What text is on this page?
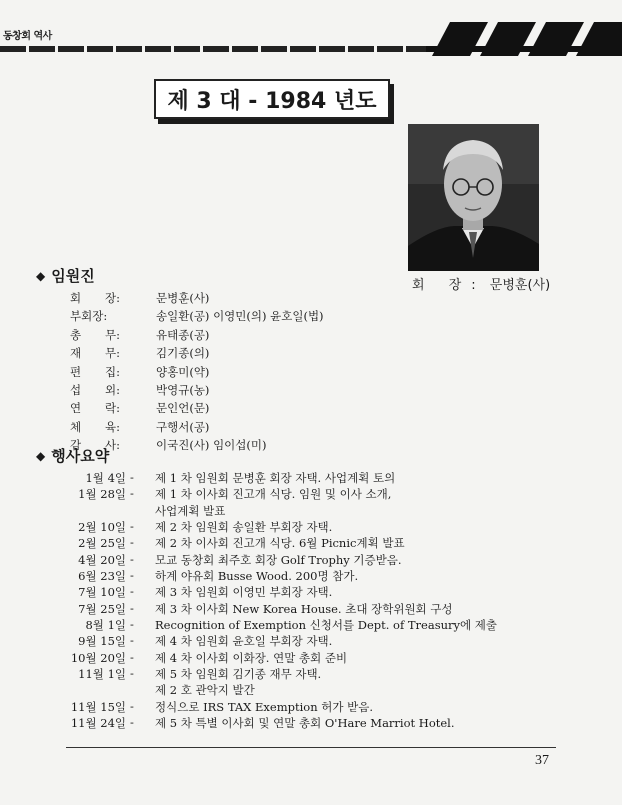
동창회 역사
제 3 대 - 1984 년도
회 장: 문병훈(사)
◆ 임원진
회 장:	문병훈(사)
부회장:	송일환(공) 이영민(의) 윤호일(법)
총 무:	유태종(공)
재 무:	김기종(의)
편 집:	양홍미(약)
섭 외:	박영규(농)
연 락:	문인언(문)
체 육:	구행서(공)
감 사:	이국진(사) 임이섭(미)
◆ 행사요약
1월 4일 - 제 1 차 임원회 문병훈 회장 자택. 사업계획 토의
1월 28일 - 제 1 차 이사회 진고개 식당. 임원 및 이사 소개,
사업계획 발표
2월 10일 - 제 2 차 임원회 송일환 부회장 자택.
2월 25일 - 제 2 차 이사회 진고개 식당. 6월 Picnic계획 발표
4월 20일 - 모교 동창회 최주호 회장 Golf Trophy 기증받음.
6월 23일 - 하계 야유회 Busse Wood. 200명 참가.
7월 10일 - 제 3 차 임원회 이영민 부회장 자택.
7월 25일 - 제 3 차 이사회 New Korea House. 초대 장학위원회 구성
8월 1일 - Recognition of Exemption 신청서를 Dept. of Treasury에 제출
9월 15일 - 제 4 차 임원회 윤호일 부회장 자택.
10월 20일 - 제 4 차 이사회 이화장. 연말 총회 준비
11월 1일 - 제 5 차 임원회 김기종 재무 자택.
제 2 호 관악지 발간
11월 15일 - 정식으로 IRS TAX Exemption 허가 받음.
11월 24일 - 제 5 차 특별 이사회 및 연말 총회 O'Hare Marriot Hotel.
37
